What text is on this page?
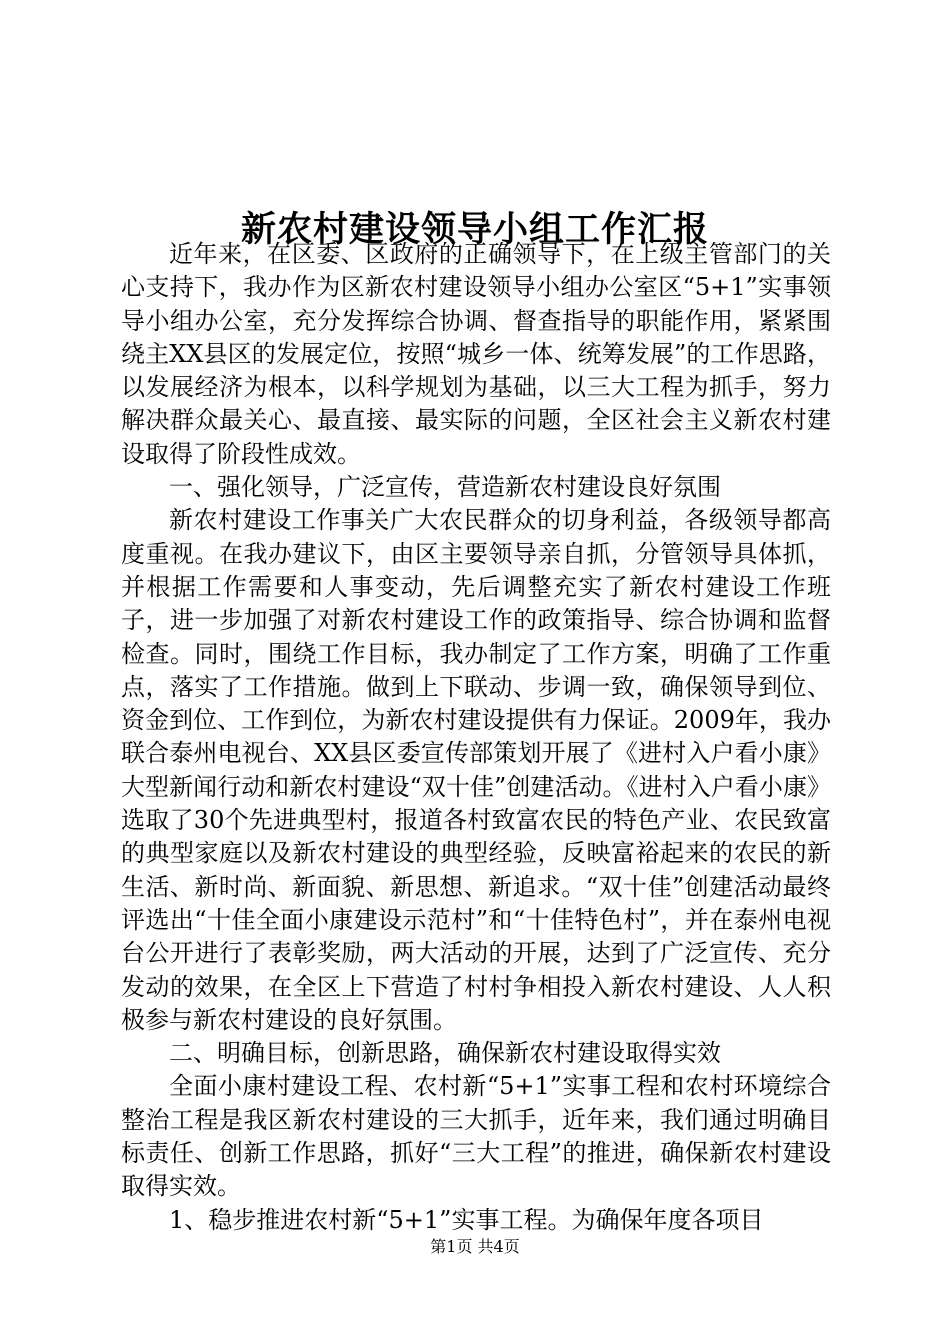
新农村建设领导小组工作汇报

近年来，在区委、区政府的正确领导下，在上级主管部门的关心支持下，我办作为区新农村建设领导小组办公室区“5+1”实事领导小组办公室，充分发挥综合协调、督查指导的职能作用，紧紧围绕主XX县区的发展定位，按照“城乡一体、统筹发展”的工作思路，以发展经济为根本，以科学规划为基础，以三大工程为抓手，努力解决群众最关心、最直接、最实际的问题，全区社会主义新农村建设取得了阶段性成效。

一、强化领导，广泛宣传，营造新农村建设良好氛围

新农村建设工作事关广大农民群众的切身利益，各级领导都高度重视。在我办建议下，由区主要领导亲自抓，分管领导具体抓，并根据工作需要和人事变动，先后调整充实了新农村建设工作班子，进一步加强了对新农村建设工作的政策指导、综合协调和监督检查。同时，围绕工作目标，我办制定了工作方案，明确了工作重点，落实了工作措施。做到上下联动、步调一致，确保领导到位、资金到位、工作到位，为新农村建设提供有力保证。2009年，我办联合泰州电视台、XX县区委宣传部策划开展了《进村入户看小康》大型新闻行动和新农村建设“双十佳”创建活动。《进村入户看小康》选取了30个先进典型村，报道各村致富农民的特色产业、农民致富的典型家庭以及新农村建设的典型经验，反映富裕起来的农民的新生活、新时尚、新面貌、新思想、新追求。“双十佳”创建活动最终评选出“十佳全面小康建设示范村”和“十佳特色村”，并在泰州电视台公开进行了表彰奖励，两大活动的开展，达到了广泛宣传、充分发动的效果，在全区上下营造了村村争相投入新农村建设、人人积极参与新农村建设的良好氛围。

二、明确目标，创新思路，确保新农村建设取得实效

全面小康村建设工程、农村新“5+1”实事工程和农村环境综合整治工程是我区新农村建设的三大抓手，近年来，我们通过明确目标责任、创新工作思路，抓好“三大工程”的推进，确保新农村建设取得实效。

1、稳步推进农村新“5+1”实事工程。为确保年度各项目

第1页 共4页
